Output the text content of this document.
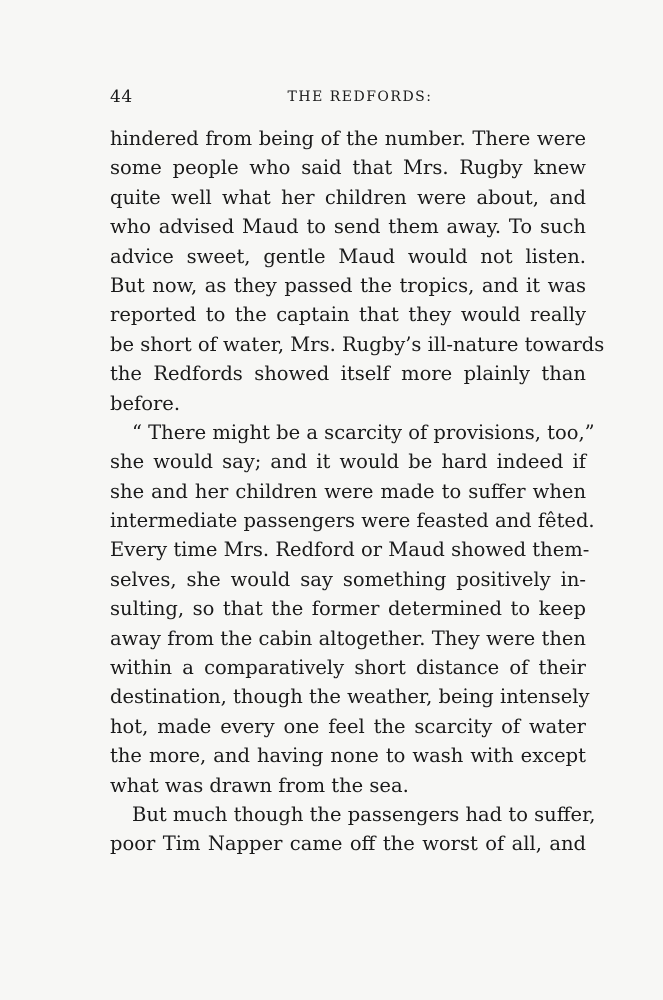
44	THE REDFORDS:
hindered from being of the number. There were
some people who said that Mrs. Rugby knew
quite well what her children were about, and
who advised Maud to send them away. To such
advice sweet, gentle Maud would not listen.
But now, as they passed the tropics, and it was
reported to the captain that they would really
be short of water, Mrs. Rugby’s ill-nature towards
the Redfords showed itself more plainly than
before.
“ There might be a scarcity of provisions, too,”
she would say; and it would be hard indeed if
she and her children were made to suffer when
intermediate passengers were feasted and fêted.
Every time Mrs. Redford or Maud showed them-
selves, she would say something positively in-
sulting, so that the former determined to keep
away from the cabin altogether. They were then
within a comparatively short distance of their
destination, though the weather, being intensely
hot, made every one feel the scarcity of water
the more, and having none to wash with except
what was drawn from the sea.
But much though the passengers had to suffer,
poor Tim Napper came off the worst of all, and
